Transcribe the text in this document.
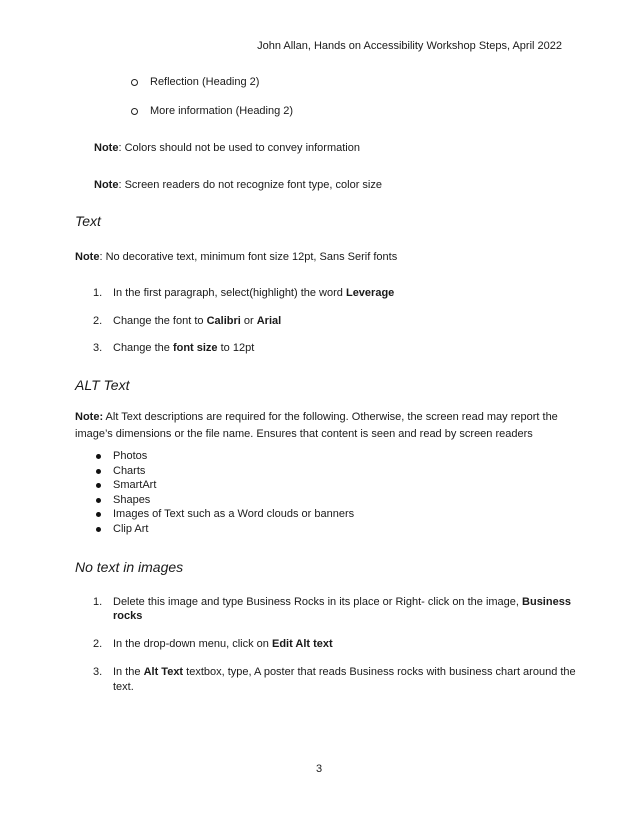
John Allan, Hands on Accessibility Workshop Steps, April 2022
Reflection (Heading 2)
More information (Heading 2)
Note: Colors should not be used to convey information
Note: Screen readers do not recognize font type, color size
Text
Note: No decorative text, minimum font size 12pt, Sans Serif fonts
1. In the first paragraph, select(highlight) the word Leverage
2. Change the font to Calibri or Arial
3. Change the font size to 12pt
ALT Text
Note: Alt Text descriptions are required for the following. Otherwise, the screen read may report the
image’s dimensions or the file name. Ensures that content is seen and read by screen readers
Photos
Charts
SmartArt
Shapes
Images of Text such as a Word clouds or banners
Clip Art
No text in images
1. Delete this image and type Business Rocks in its place or Right- click on the image, Business
rocks
2. In the drop-down menu, click on Edit Alt text
3. In the Alt Text textbox, type, A poster that reads Business rocks with business chart around the
text.
3
